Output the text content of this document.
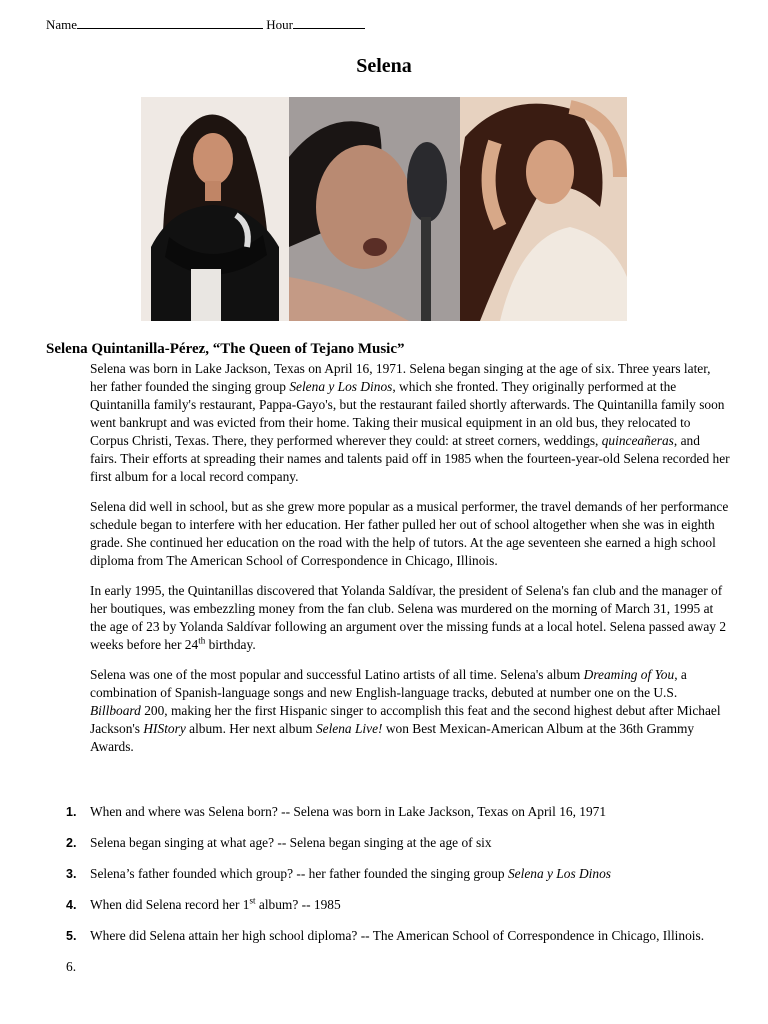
Name	Hour
Selena
Selena Quintanilla-Pérez, “The Queen of Tejano Music”

Selena was born in Lake Jackson, Texas on April 16, 1971. Selena began singing at the age of six. Three years later, her father founded the singing group Selena y Los Dinos, which she fronted. They originally performed at the Quintanilla family's restaurant, Pappa-Gayo's, but the restaurant failed shortly afterwards. The Quintanilla family soon went bankrupt and was evicted from their home. Taking their musical equipment in an old bus, they relocated to Corpus Christi, Texas. There, they performed wherever they could: at street corners, weddings, quinceañeras, and fairs. Their efforts at spreading their names and talents paid off in 1985 when the fourteen-year-old Selena recorded her first album for a local record company.

Selena did well in school, but as she grew more popular as a musical performer, the travel demands of her performance schedule began to interfere with her education. Her father pulled her out of school altogether when she was in eighth grade. She continued her education on the road with the help of tutors. At the age seventeen she earned a high school diploma from The American School of Correspondence in Chicago, Illinois.

In early 1995, the Quintanillas discovered that Yolanda Saldívar, the president of Selena's fan club and the manager of her boutiques, was embezzling money from the fan club. Selena was murdered on the morning of March 31, 1995 at the age of 23 by Yolanda Saldívar following an argument over the missing funds at a local hotel. Selena passed away 2 weeks before her 24th birthday.

Selena was one of the most popular and successful Latino artists of all time. Selena's album Dreaming of You, a combination of Spanish-language songs and new English-language tracks, debuted at number one on the U.S. Billboard 200, making her the first Hispanic singer to accomplish this feat and the second highest debut after Michael Jackson's HIStory album. Her next album Selena Live! won Best Mexican-American Album at the 36th Grammy Awards.

1.	When and where was Selena born? -- Selena was born in Lake Jackson, Texas on April 16, 1971
2.	Selena began singing at what age? -- Selena began singing at the age of six
3.	Selena’s father founded which group? -- her father founded the singing group Selena y Los Dinos
4.	When did Selena record her 1st album? -- 1985
5.	Where did Selena attain her high school diploma? -- The American School of Correspondence in Chicago, Illinois.
6.
